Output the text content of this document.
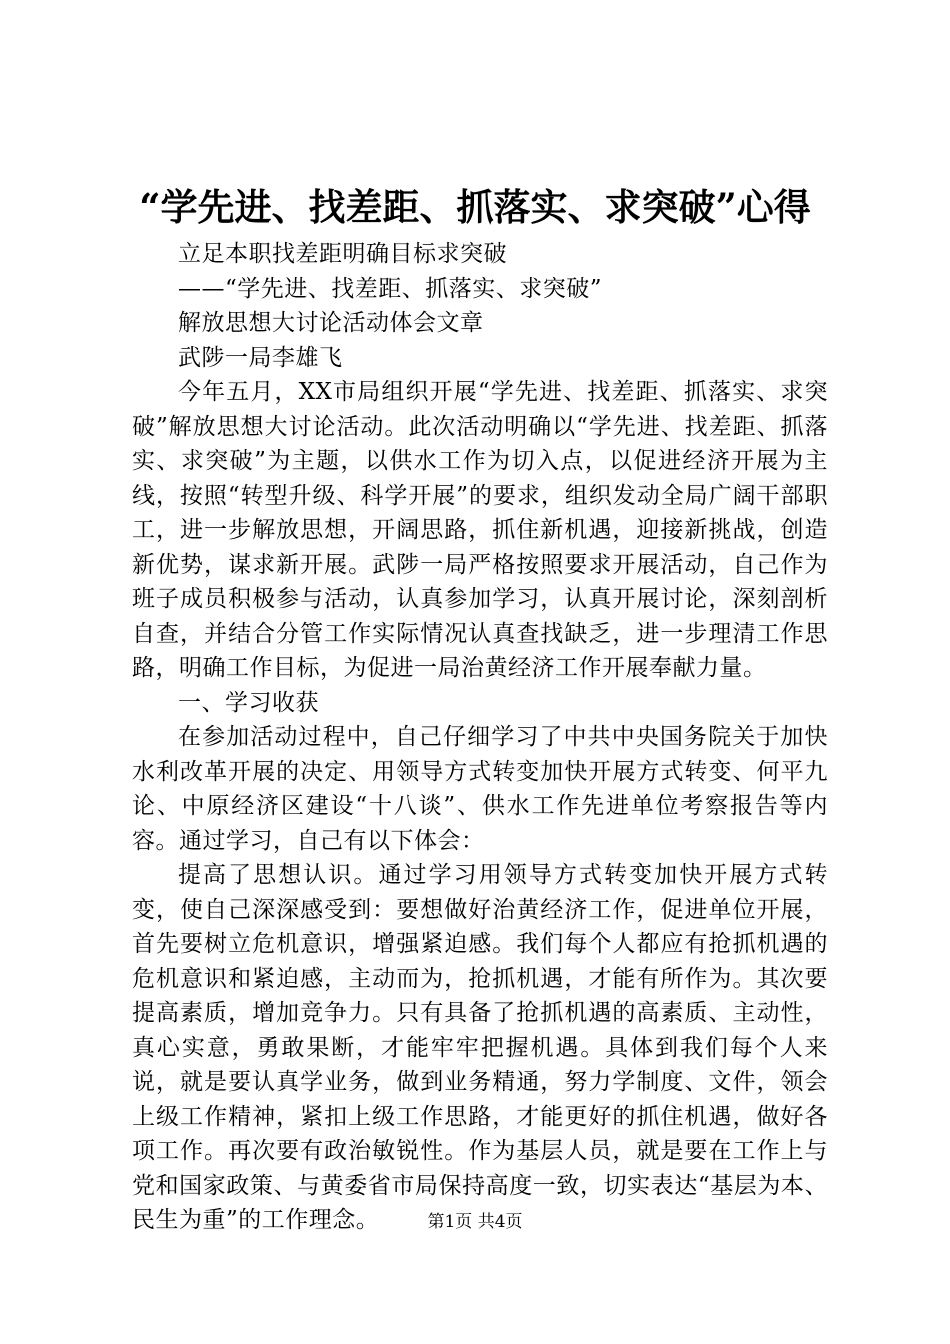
“学先进、找差距、抓落实、求突破”心得

立足本职找差距明确目标求突破

——“学先进、找差距、抓落实、求突破”

解放思想大讨论活动体会文章

武陟一局李雄飞

今年五月，XX市局组织开展“学先进、找差距、抓落实、求突破”解放思想大讨论活动。此次活动明确以“学先进、找差距、抓落实、求突破”为主题，以供水工作为切入点，以促进经济开展为主线，按照“转型升级、科学开展”的要求，组织发动全局广阔干部职工，进一步解放思想，开阔思路，抓住新机遇，迎接新挑战，创造新优势，谋求新开展。武陟一局严格按照要求开展活动，自己作为班子成员积极参与活动，认真参加学习，认真开展讨论，深刻剖析自查，并结合分管工作实际情况认真查找缺乏，进一步理清工作思路，明确工作目标，为促进一局治黄经济工作开展奉献力量。

一、学习收获

在参加活动过程中，自己仔细学习了中共中央国务院关于加快水利改革开展的决定、用领导方式转变加快开展方式转变、何平九论、中原经济区建设“十八谈”、供水工作先进单位考察报告等内容。通过学习，自己有以下体会：

提高了思想认识。通过学习用领导方式转变加快开展方式转变，使自己深深感受到：要想做好治黄经济工作，促进单位开展，首先要树立危机意识，增强紧迫感。我们每个人都应有抢抓机遇的危机意识和紧迫感，主动而为，抢抓机遇，才能有所作为。其次要提高素质，增加竞争力。只有具备了抢抓机遇的高素质、主动性，真心实意，勇敢果断，才能牢牢把握机遇。具体到我们每个人来说，就是要认真学业务，做到业务精通，努力学制度、文件，领会上级工作精神，紧扣上级工作思路，才能更好的抓住机遇，做好各项工作。再次要有政治敏锐性。作为基层人员，就是要在工作上与党和国家政策、与黄委省市局保持高度一致，切实表达“基层为本、民生为重”的工作理念。	第1页 共4页
